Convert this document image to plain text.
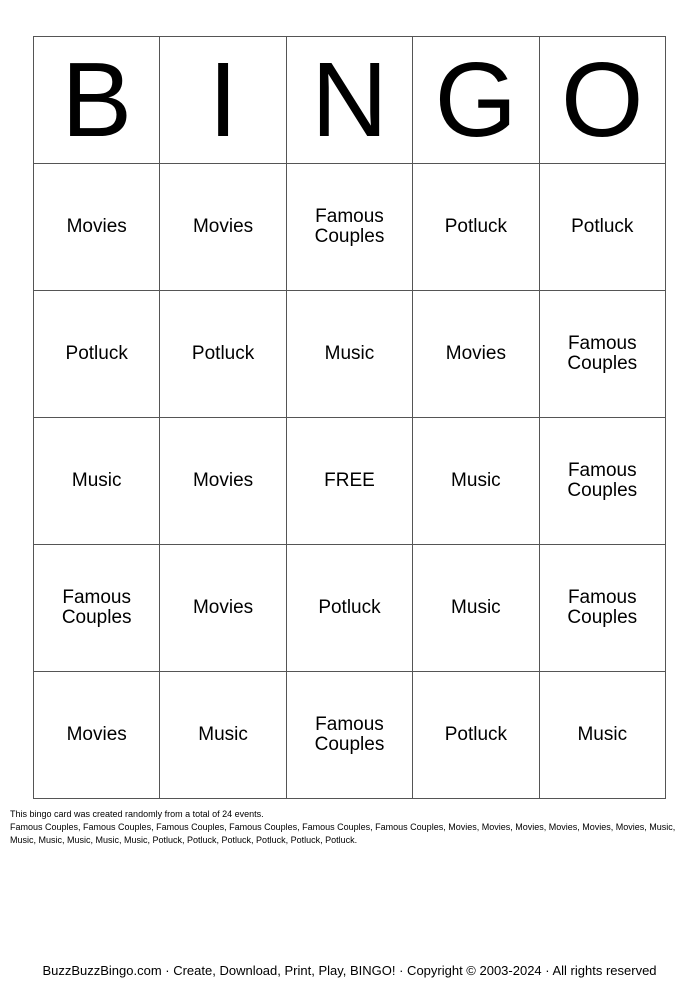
B	I	N	G	O
Movies	Movies	Famous Couples	Potluck	Potluck
Potluck	Potluck	Music	Movies	Famous Couples
Music	Movies	FREE	Music	Famous Couples
Famous Couples	Movies	Potluck	Music	Famous Couples
Movies	Music	Famous Couples	Potluck	Music

This bingo card was created randomly from a total of 24 events.

Famous Couples, Famous Couples, Famous Couples, Famous Couples, Famous Couples, Famous Couples, Movies, Movies, Movies, Movies, Movies, Movies, Music, Music, Music, Music, Music, Music, Potluck, Potluck, Potluck, Potluck, Potluck, Potluck.

BuzzBuzzBingo.com · Create, Download, Print, Play, BINGO! · Copyright © 2003-2024 · All rights reserved
